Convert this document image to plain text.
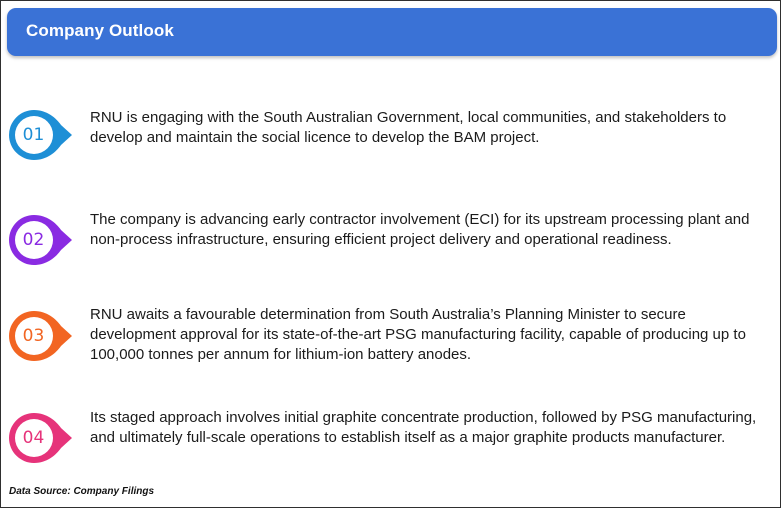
Company Outlook
01
RNU is engaging with the South Australian Government, local communities, and stakeholders to develop and maintain the social licence to develop the BAM project.
02
The company is advancing early contractor involvement (ECI) for its upstream processing plant and non-process infrastructure, ensuring efficient project delivery and operational readiness.
03
RNU awaits a favourable determination from South Australia’s Planning Minister to secure development approval for its state-of-the-art PSG manufacturing facility, capable of producing up to 100,000 tonnes per annum for lithium-ion battery anodes.
04
Its staged approach involves initial graphite concentrate production, followed by PSG manufacturing, and ultimately full-scale operations to establish itself as a major graphite products manufacturer.
Data Source: Company Filings
